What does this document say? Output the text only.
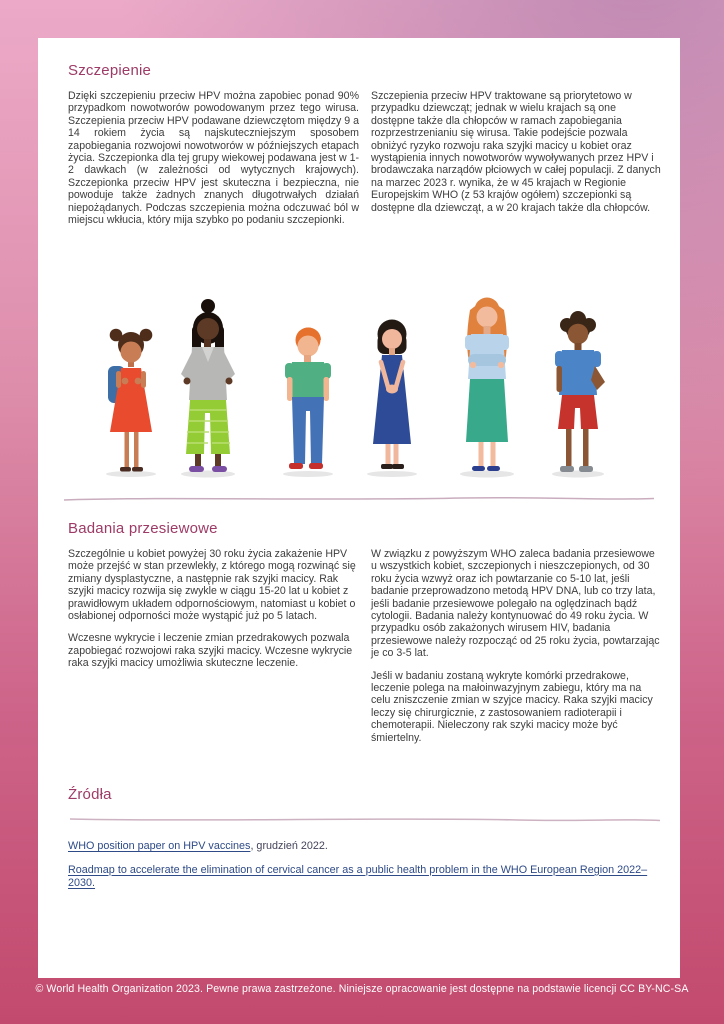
Szczepienie
Dzięki szczepieniu przeciw HPV można zapobiec ponad 90% przypadkom nowotworów powodowanym przez tego wirusa. Szczepienia przeciw HPV podawane dziewczętom między 9 a 14 rokiem życia są najskuteczniejszym sposobem zapobiegania rozwojowi nowotworów w późniejszych etapach życia. Szczepionka dla tej grupy wiekowej podawana jest w 1-2 dawkach (w zależności od wytycznych krajowych). Szczepionka przeciw HPV jest skuteczna i bezpieczna, nie powoduje także żadnych znanych długotrwałych działań niepożądanych. Podczas szczepienia można odczuwać ból w miejscu wkłucia, który mija szybko po podaniu szczepionki.
Szczepienia przeciw HPV traktowane są priorytetowo w przypadku dziewcząt; jednak w wielu krajach są one dostępne także dla chłopców w ramach zapobiegania rozprzestrzenianiu się wirusa. Takie podejście pozwala obniżyć ryzyko rozwoju raka szyjki macicy u kobiet oraz wystąpienia innych nowotworów wywoływanych przez HPV i brodawczaka narządów płciowych w całej populacji. Z danych na marzec 2023 r. wynika, że w 45 krajach w Regionie Europejskim WHO (z 53 krajów ogółem) szczepionki są dostępne dla dziewcząt, a w 20 krajach także dla chłopców.
Badania przesiewowe

Szczególnie u kobiet powyżej 30 roku życia zakażenie HPV może przejść w stan przewlekły, z którego mogą rozwinąć się zmiany dysplastyczne, a następnie rak szyjki macicy. Rak szyjki macicy rozwija się zwykle w ciągu 15-20 lat u kobiet z prawidłowym układem odpornościowym, natomiast u kobiet o osłabionej odporności może wystąpić już po 5 latach.

Wczesne wykrycie i leczenie zmian przedrakowych pozwala zapobiegać rozwojowi raka szyjki macicy. Wczesne wykrycie raka szyjki macicy umożliwia skuteczne leczenie.

W związku z powyższym WHO zaleca badania przesiewowe u wszystkich kobiet, szczepionych i nieszczepionych, od 30 roku życia wzwyż oraz ich powtarzanie co 5-10 lat, jeśli badanie przeprowadzono metodą HPV DNA, lub co trzy lata, jeśli badanie przesiewowe polegało na oględzinach bądź cytologii. Badania należy kontynuować do 49 roku życia. W przypadku osób zakażonych wirusem HIV, badania przesiewowe należy rozpocząć od 25 roku życia, powtarzając je co 3-5 lat.

Jeśli w badaniu zostaną wykryte komórki przedrakowe, leczenie polega na małoinwazyjnym zabiegu, który ma na celu zniszczenie zmian w szyjce macicy. Raka szyjki macicy leczy się chirurgicznie, z zastosowaniem radioterapii i chemoterapii. Nieleczony rak szyki macicy może być śmiertelny.

Źródła

WHO position paper on HPV vaccines, grudzień 2022.

Roadmap to accelerate the elimination of cervical cancer as a public health problem in the WHO European Region 2022–2030.

© World Health Organization 2023. Pewne prawa zastrzeżone. Niniejsze opracowanie jest dostępne na podstawie licencji CC BY-NC-SA
